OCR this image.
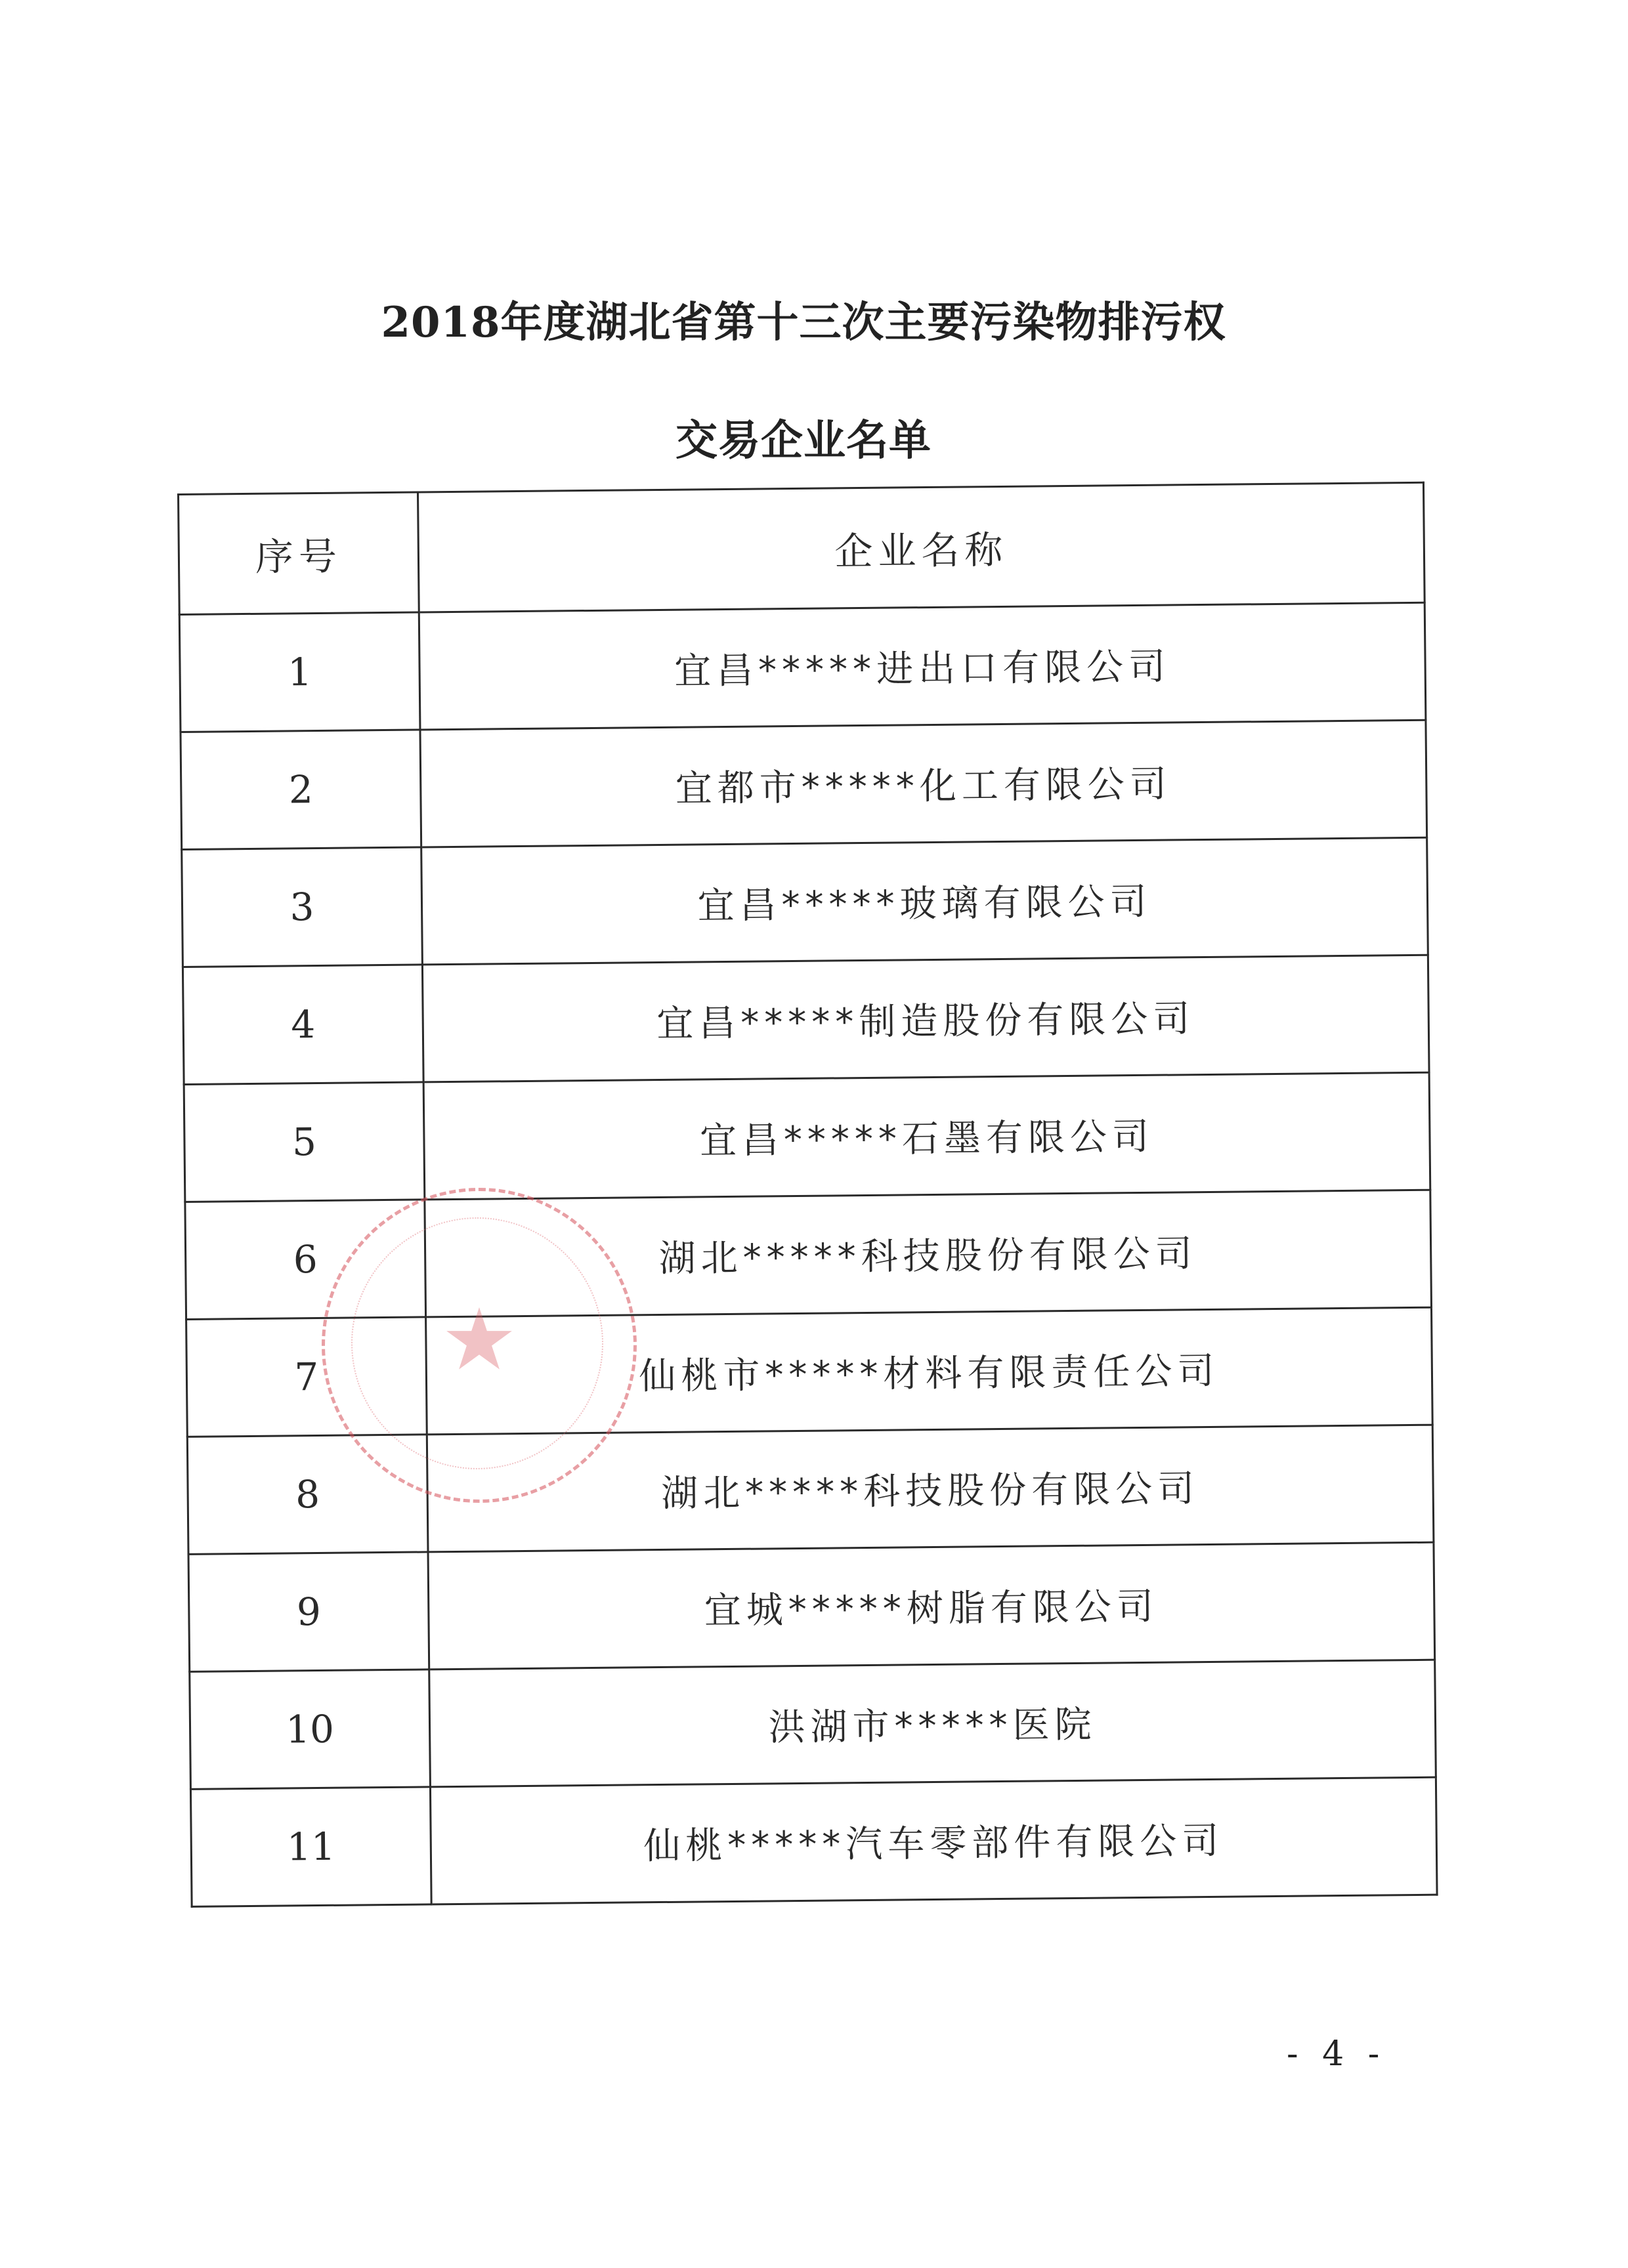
2018年度湖北省第十三次主要污染物排污权
交易企业名单
序号	企业名称
1	宜昌*****进出口有限公司
2	宜都市*****化工有限公司
3	宜昌*****玻璃有限公司
4	宜昌*****制造股份有限公司
5	宜昌*****石墨有限公司
6	湖北*****科技股份有限公司
7	仙桃市*****材料有限责任公司
8	湖北*****科技股份有限公司
9	宜城*****树脂有限公司
10	洪湖市*****医院
11	仙桃*****汽车零部件有限公司
★
- 4 -
